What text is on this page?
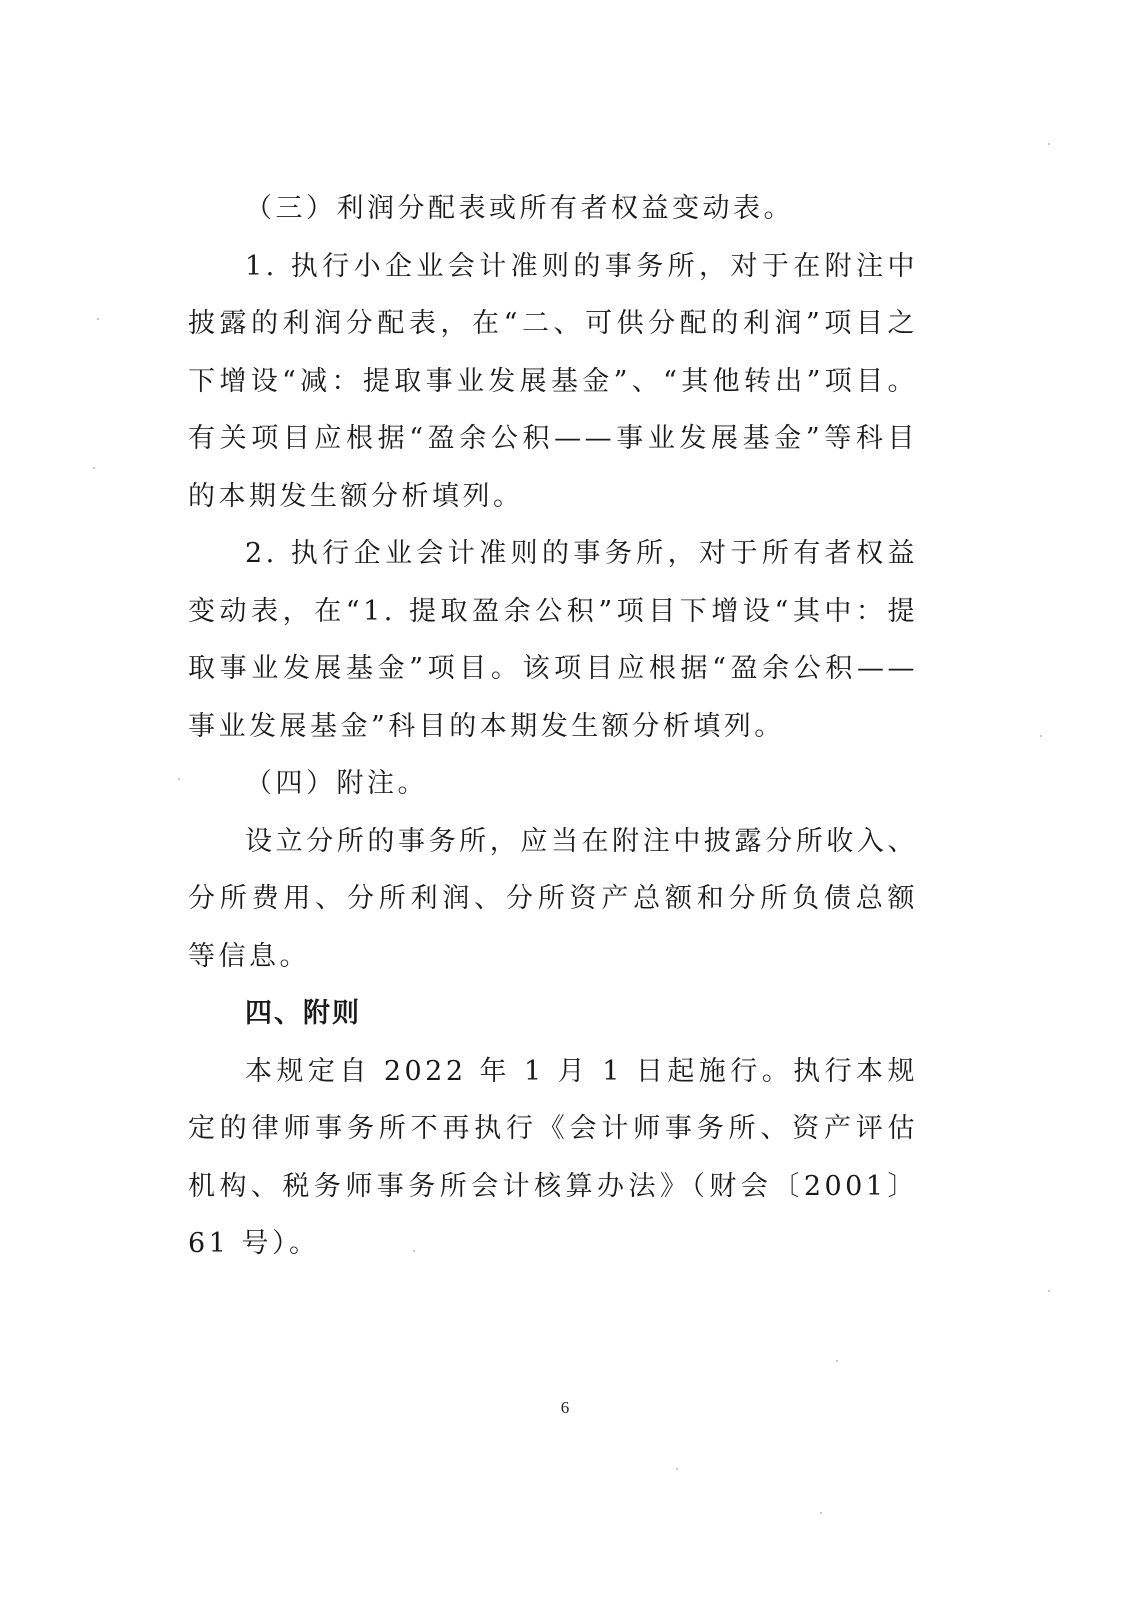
（三）利润分配表或所有者权益变动表。

1. 执行小企业会计准则的事务所，对于在附注中披露的利润分配表，在“二、可供分配的利润”项目之下增设“减：提取事业发展基金”、“其他转出”项目。有关项目应根据“盈余公积——事业发展基金”等科目的本期发生额分析填列。

2. 执行企业会计准则的事务所，对于所有者权益变动表，在“1. 提取盈余公积”项目下增设“其中：提取事业发展基金”项目。该项目应根据“盈余公积——事业发展基金”科目的本期发生额分析填列。

（四）附注。

设立分所的事务所，应当在附注中披露分所收入、分所费用、分所利润、分所资产总额和分所负债总额等信息。

四、附则

本规定自 2022 年 1 月 1 日起施行。执行本规定的律师事务所不再执行《会计师事务所、资产评估机构、税务师事务所会计核算办法》（财会〔2001〕61 号）。

6
